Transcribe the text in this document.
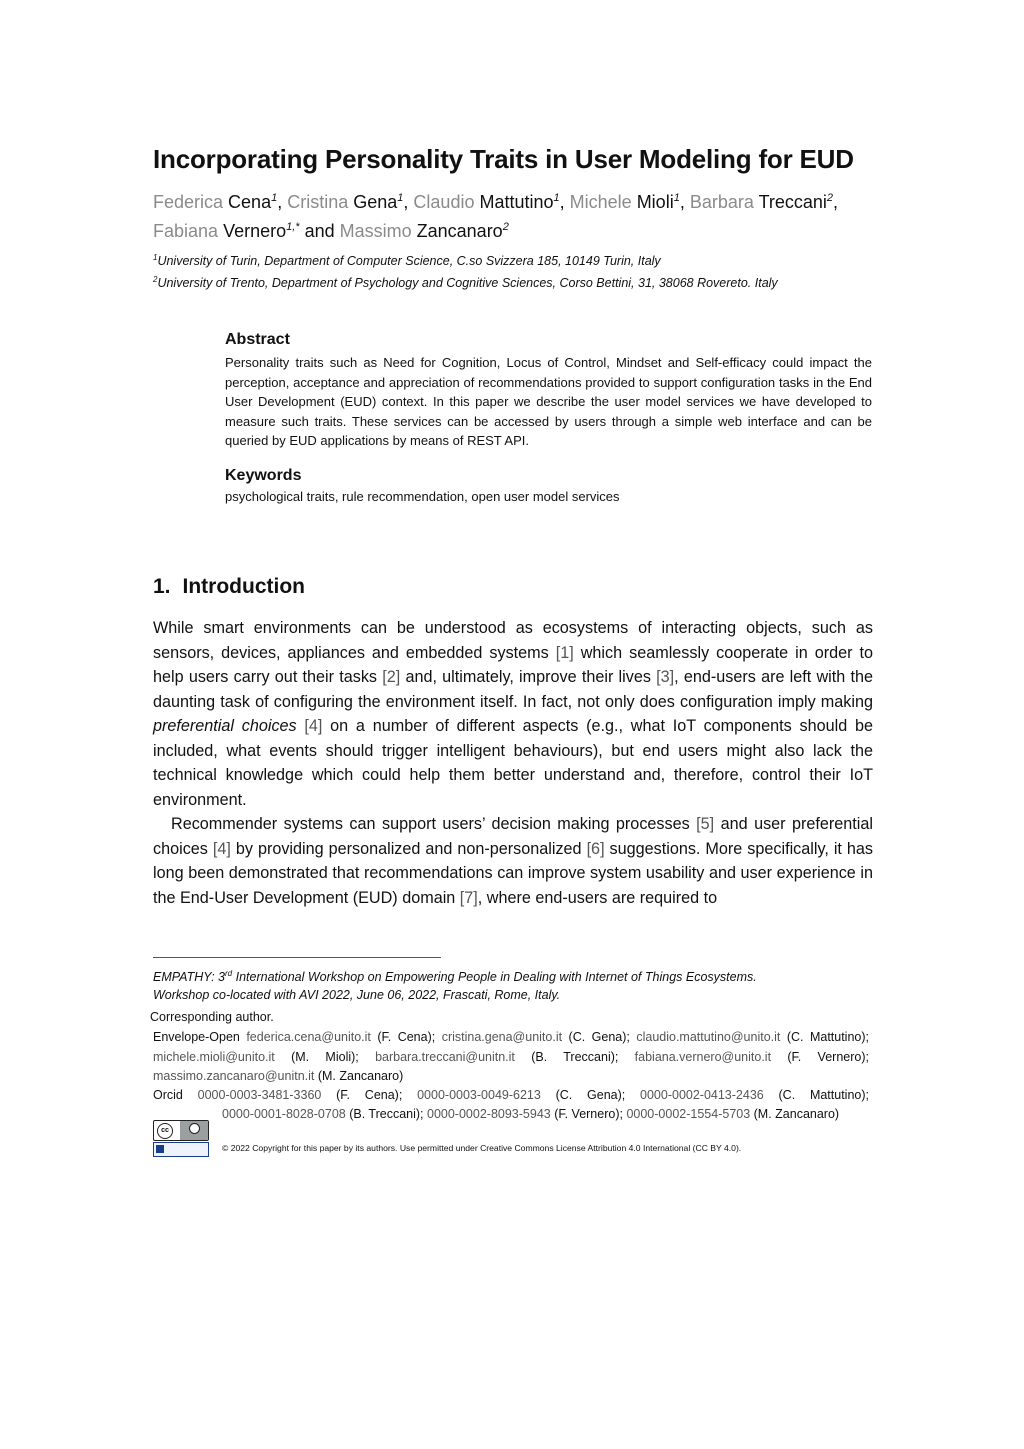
Incorporating Personality Traits in User Modeling for EUD
Federica Cena$^1$, Cristina Gena$^1$, Claudio Mattutino$^1$, Michele Mioli$^1$, Barbara Treccani$^2$, Fabiana Vernero$^{1,*}$ and Massimo Zancanaro$^2$
$^1$University of Turin, Department of Computer Science, C.so Svizzera 185, 10149 Turin, Italy
$^2$University of Trento, Department of Psychology and Cognitive Sciences, Corso Bettini, 31, 38068 Rovereto. Italy
Abstract
Personality traits such as Need for Cognition, Locus of Control, Mindset and Self-efficacy could impact the perception, acceptance and appreciation of recommendations provided to support configuration tasks in the End User Development (EUD) context. In this paper we describe the user model services we have developed to measure such traits. These services can be accessed by users through a simple web interface and can be queried by EUD applications by means of REST API.
Keywords
psychological traits, rule recommendation, open user model services
1. Introduction

While smart environments can be understood as ecosystems of interacting objects, such as sensors, devices, appliances and embedded systems [1] which seamlessly cooperate in order to help users carry out their tasks [2] and, ultimately, improve their lives [3], end-users are left with the daunting task of configuring the environment itself. In fact, not only does configuration imply making preferential choices [4] on a number of different aspects (e.g., what IoT components should be included, what events should trigger intelligent behaviours), but end users might also lack the technical knowledge which could help them better understand and, therefore, control their IoT environment.

Recommender systems can support users’ decision making processes [5] and user preferential choices [4] by providing personalized and non-personalized [6] suggestions. More specifically, it has long been demonstrated that recommendations can improve system usability and user experience in the End-User Development (EUD) domain [7], where end-users are required to

EMPATHY: 3rd International Workshop on Empowering People in Dealing with Internet of Things Ecosystems.
Workshop co-located with AVI 2022, June 06, 2022, Frascati, Rome, Italy.
Corresponding author.
Envelope-Open federica.cena@unito.it (F. Cena); cristina.gena@unito.it (C. Gena); claudio.mattutino@unito.it (C. Mattutino); michele.mioli@unito.it (M. Mioli); barbara.treccani@unitn.it (B. Treccani); fabiana.vernero@unito.it (F. Vernero); massimo.zancanaro@unitn.it (M. Zancanaro)
Orcid 0000-0003-3481-3360 (F. Cena); 0000-0003-0049-6213 (C. Gena); 0000-0002-0413-2436 (C. Mattutino);
0000-0001-8028-0708 (B. Treccani); 0000-0002-8093-5943 (F. Vernero); 0000-0002-1554-5703 (M. Zancanaro)
cc
© 2022 Copyright for this paper by its authors. Use permitted under Creative Commons License Attribution 4.0 International (CC BY 4.0).
